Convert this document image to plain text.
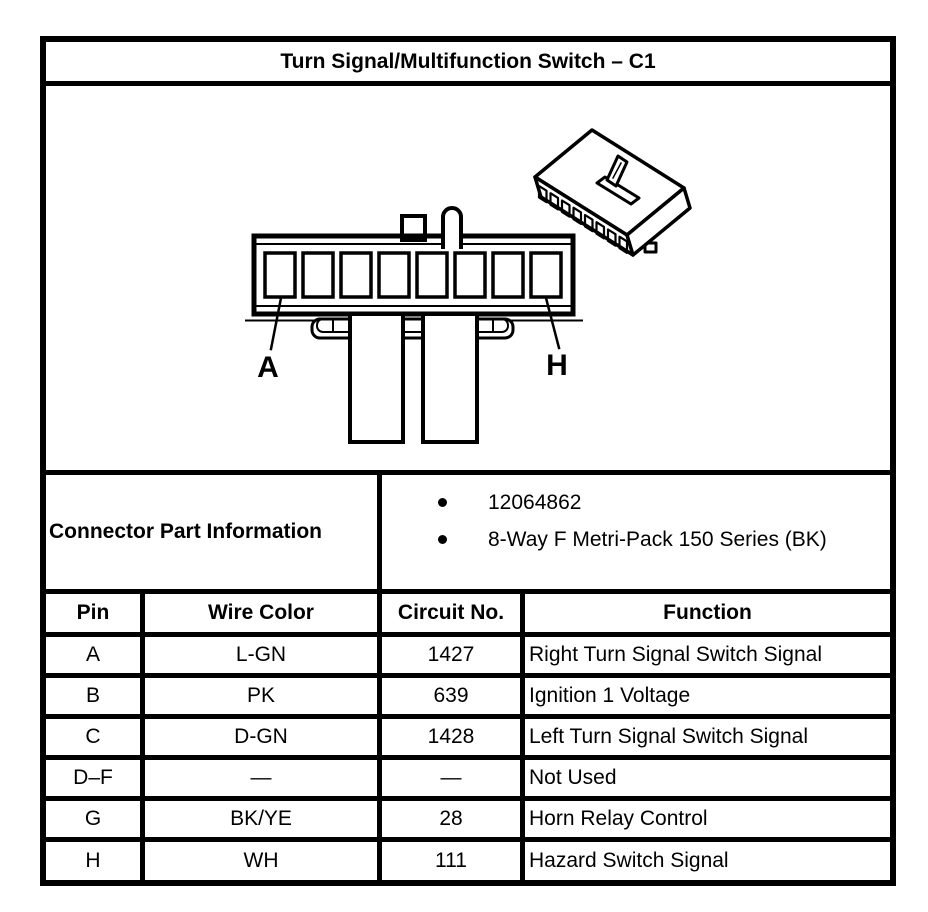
Turn Signal/Multifunction Switch – C1
A	H
Connector Part Information
12064862
8-Way F Metri-Pack 150 Series (BK)
Pin	Wire Color	Circuit No.	Function
A	L-GN	1427	Right Turn Signal Switch Signal
B	PK	639	Ignition 1 Voltage
C	D-GN	1428	Left Turn Signal Switch Signal
D–F	—	—	Not Used
G	BK/YE	28	Horn Relay Control
H	WH	111	Hazard Switch Signal
